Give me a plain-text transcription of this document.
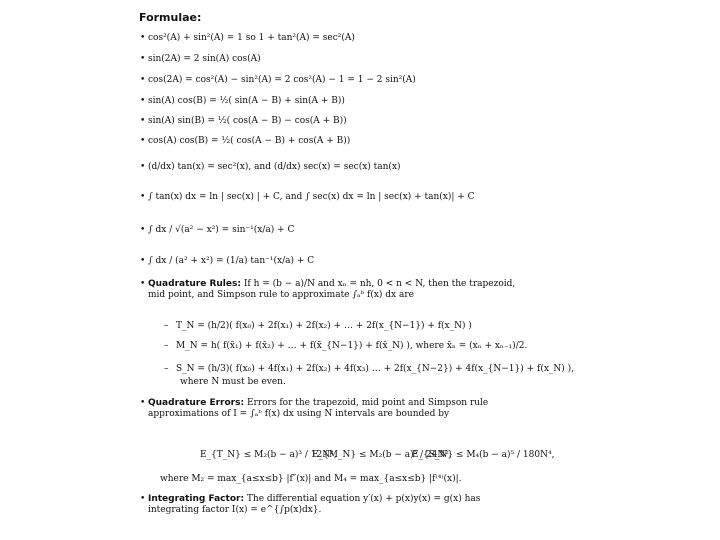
Formulae:
• cos²(A) + sin²(A) = 1 so 1 + tan²(A) = sec²(A)
• sin(2A) = 2 sin(A) cos(A)
• cos(2A) = cos²(A) − sin²(A) = 2 cos²(A) − 1 = 1 − 2 sin²(A)
• sin(A) cos(B) = ½( sin(A − B) + sin(A + B))
• sin(A) sin(B) = ½( cos(A − B) − cos(A + B))
• cos(A) cos(B) = ½( cos(A − B) + cos(A + B))
• (d/dx) tan(x) = sec²(x), and (d/dx) sec(x) = sec(x) tan(x)
• ∫ tan(x) dx = ln | sec(x) | + C, and ∫ sec(x) dx = ln | sec(x) + tan(x)| + C
• ∫ dx / √(a² − x²) = sin⁻¹(x/a) + C
• ∫ dx / (a² + x²) = (1/a) tan⁻¹(x/a) + C
• Quadrature Rules: If h = (b − a)/N and xₙ = nh, 0 < n < N, then the trapezoid, mid point, and Simpson rule to approximate ∫ₐᵇ f(x) dx are
– T_N = (h/2)( f(x₀) + 2f(x₁) + 2f(x₂) + … + 2f(x_{N−1}) + f(x_N) )
– M_N = h( f(x̄₁) + f(x̄₂) + … + f(x̄_{N−1}) + f(x̄_N) ), where x̄ₙ = (xₙ + xₙ₋₁)/2.
– S_N = (h/3)( f(x₀) + 4f(x₁) + 2f(x₂) + 4f(x₃) … + 2f(x_{N−2}) + 4f(x_{N−1}) + f(x_N) ),
where N must be even.
• Quadrature Errors: Errors for the trapezoid, mid point and Simpson rule approximations of I = ∫ₐᵇ f(x) dx using N intervals are bounded by
E_{T_N} ≤ M₂(b − a)³ / 12N²,
E_{M_N} ≤ M₂(b − a)³ / 24N²,
E_{S_N} ≤ M₄(b − a)⁵ / 180N⁴,
where M₂ = max_{a≤x≤b} |f″(x)| and M₄ = max_{a≤x≤b} |f⁽⁴⁾(x)|.
• Integrating Factor: The differential equation y′(x) + p(x)y(x) = g(x) has integrating factor I(x) = e^{∫p(x)dx}.
